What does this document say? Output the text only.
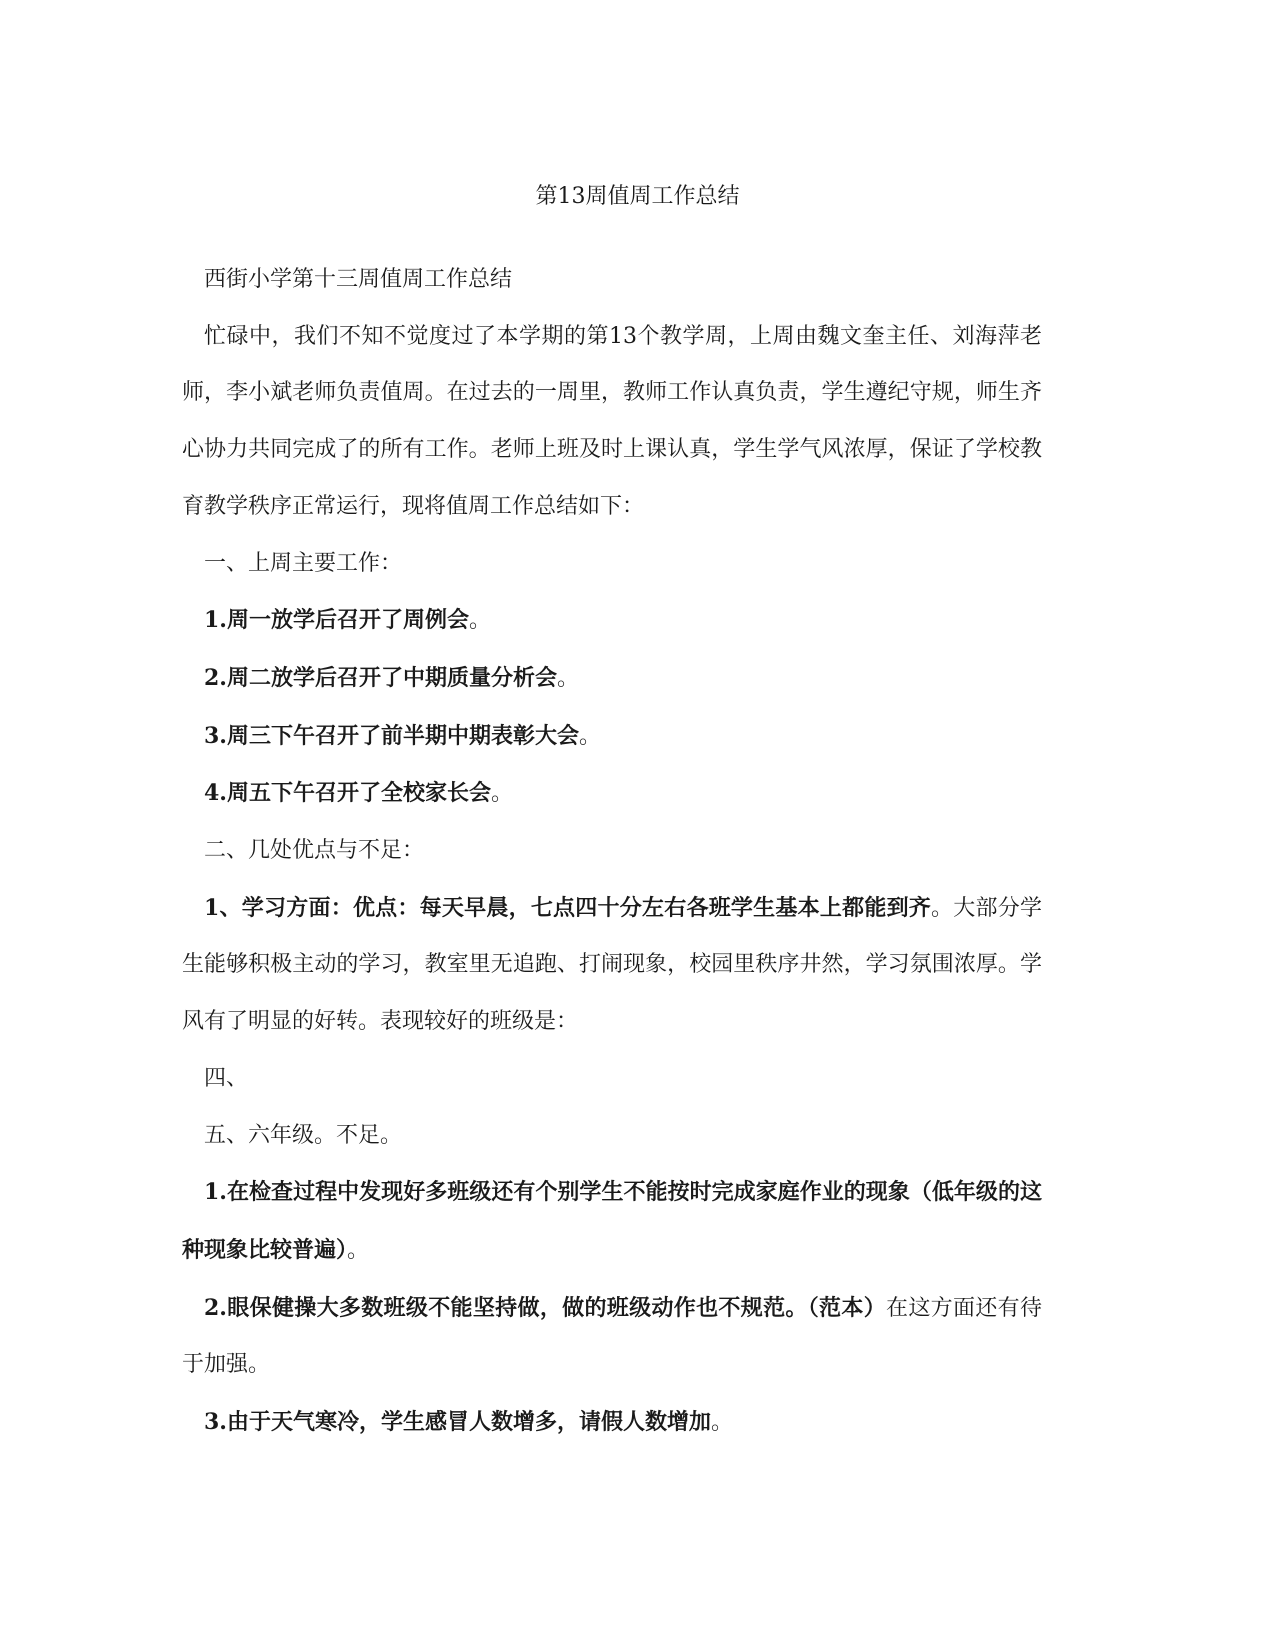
第13周值周工作总结

西街小学第十三周值周工作总结

忙碌中，我们不知不觉度过了本学期的第13个教学周，上周由魏文奎主任、刘海萍老师，李小斌老师负责值周。在过去的一周里，教师工作认真负责，学生遵纪守规，师生齐心协力共同完成了的所有工作。老师上班及时上课认真，学生学气风浓厚，保证了学校教育教学秩序正常运行，现将值周工作总结如下：

一、上周主要工作：

1.周一放学后召开了周例会。

2.周二放学后召开了中期质量分析会。

3.周三下午召开了前半期中期表彰大会。

4.周五下午召开了全校家长会。

二、几处优点与不足：

1、学习方面：优点：每天早晨，七点四十分左右各班学生基本上都能到齐。大部分学生能够积极主动的学习，教室里无追跑、打闹现象，校园里秩序井然，学习氛围浓厚。学风有了明显的好转。表现较好的班级是：

四、

五、六年级。不足。

1.在检查过程中发现好多班级还有个别学生不能按时完成家庭作业的现象（低年级的这种现象比较普遍）。

2.眼保健操大多数班级不能坚持做，做的班级动作也不规范。（范本）在这方面还有待于加强。

3.由于天气寒冷，学生感冒人数增多，请假人数增加。
